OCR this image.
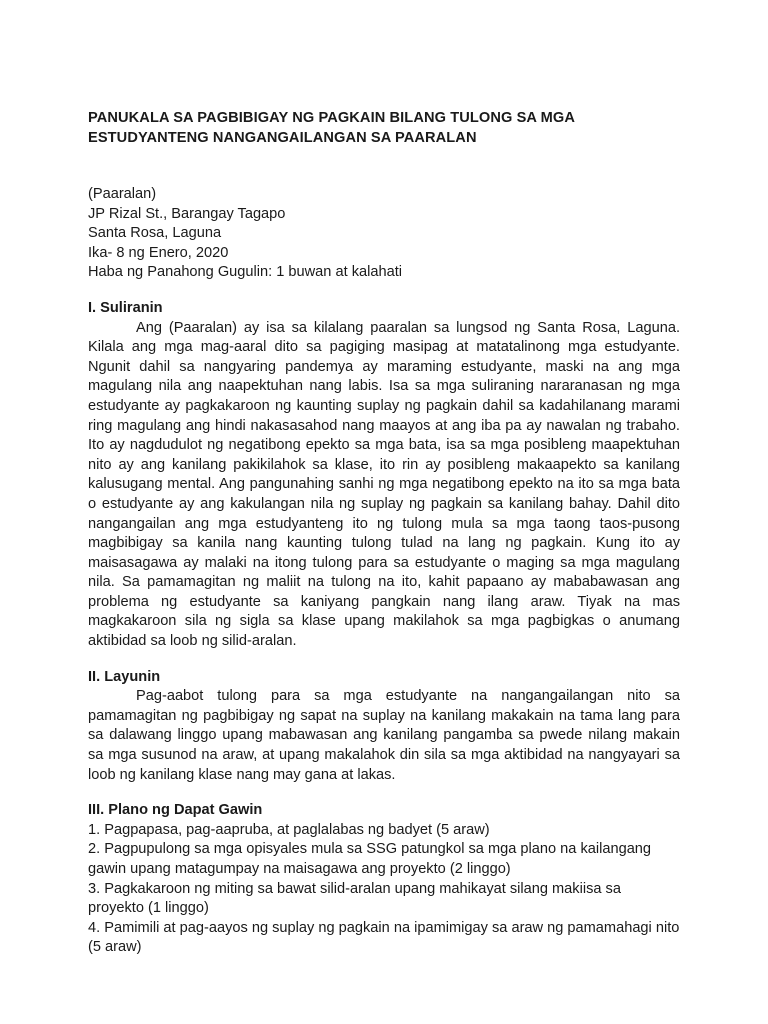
PANUKALA SA PAGBIBIGAY NG PAGKAIN BILANG TULONG SA MGA ESTUDYANTENG NANGANGAILANGAN SA PAARALAN
(Paaralan)
JP Rizal St., Barangay Tagapo
Santa Rosa, Laguna
Ika- 8 ng Enero, 2020
Haba ng Panahong Gugulin: 1 buwan at kalahati
I. Suliranin

Ang (Paaralan) ay isa sa kilalang paaralan sa lungsod ng Santa Rosa, Laguna. Kilala ang mga mag-aaral dito sa pagiging masipag at matatalinong mga estudyante. Ngunit dahil sa nangyaring pandemya ay maraming estudyante, maski na ang mga magulang nila ang naapektuhan nang labis. Isa sa mga suliraning nararanasan ng mga estudyante ay pagkakaroon ng kaunting suplay ng pagkain dahil sa kadahilanang marami ring magulang ang hindi nakasasahod nang maayos at ang iba pa ay nawalan ng trabaho. Ito ay nagdudulot ng negatibong epekto sa mga bata, isa sa mga posibleng maapektuhan nito ay ang kanilang pakikilahok sa klase, ito rin ay posibleng makaapekto sa kanilang kalusugang mental. Ang pangunahing sanhi ng mga negatibong epekto na ito sa mga bata o estudyante ay ang kakulangan nila ng suplay ng pagkain sa kanilang bahay. Dahil dito nangangailan ang mga estudyanteng ito ng tulong mula sa mga taong taos-pusong magbibigay sa kanila nang kaunting tulong tulad na lang ng pagkain. Kung ito ay maisasagawa ay malaki na itong tulong para sa estudyante o maging sa mga magulang nila. Sa pamamagitan ng maliit na tulong na ito, kahit papaano ay mababawasan ang problema ng estudyante sa kaniyang pangkain nang ilang araw. Tiyak na mas magkakaroon sila ng sigla sa klase upang makilahok sa mga pagbigkas o anumang aktibidad sa loob ng silid-aralan.

II. Layunin

Pag-aabot tulong para sa mga estudyante na nangangailangan nito sa pamamagitan ng pagbibigay ng sapat na suplay na kanilang makakain na tama lang para sa dalawang linggo upang mabawasan ang kanilang pangamba sa pwede nilang makain sa mga susunod na araw, at upang makalahok din sila sa mga aktibidad na nangyayari sa loob ng kanilang klase nang may gana at lakas.

III. Plano ng Dapat Gawin
1. Pagpapasa, pag-aapruba, at paglalabas ng badyet (5 araw)
2. Pagpupulong sa mga opisyales mula sa SSG patungkol sa mga plano na kailangang gawin upang matagumpay na maisagawa ang proyekto (2 linggo)
3. Pagkakaroon ng miting sa bawat silid-aralan upang mahikayat silang makiisa sa proyekto (1 linggo)
4. Pamimili at pag-aayos ng suplay ng pagkain na ipamimigay sa araw ng pamamahagi nito (5 araw)
